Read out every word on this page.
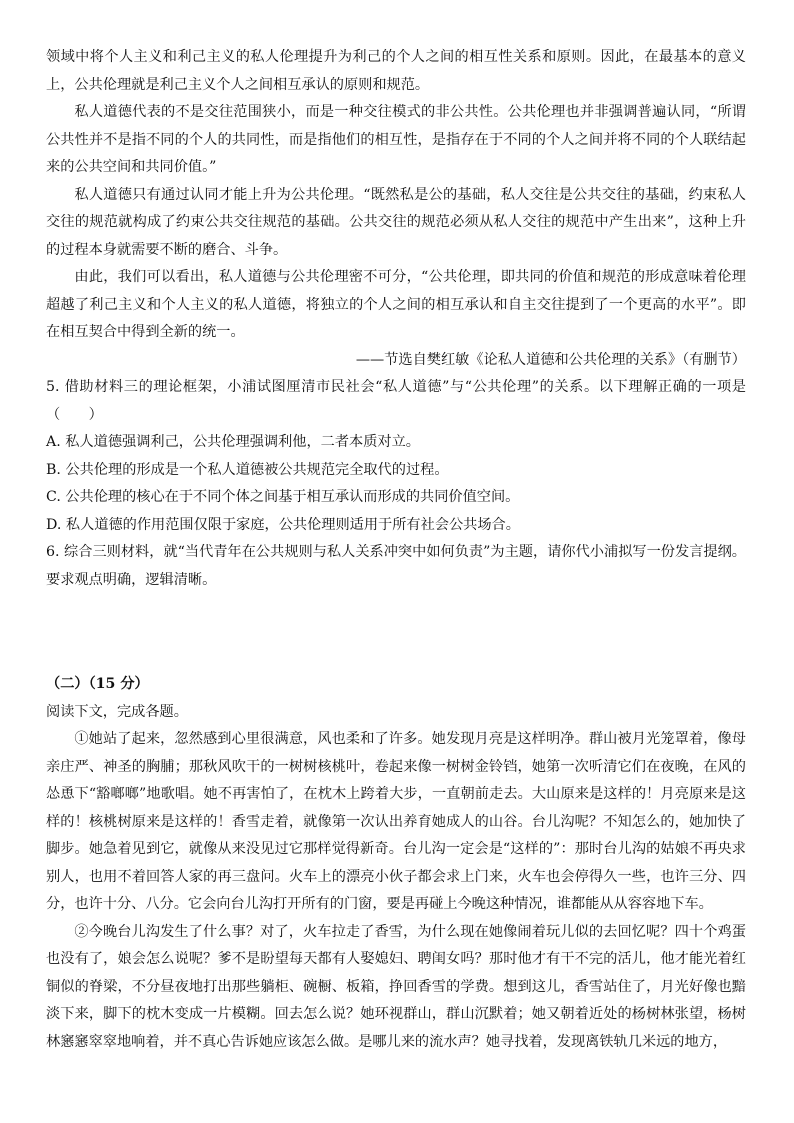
领域中将个人主义和利己主义的私人伦理提升为利己的个人之间的相互性关系和原则。因此，在最基本的意义上，公共伦理就是利己主义个人之间相互承认的原则和规范。

私人道德代表的不是交往范围狭小，而是一种交往模式的非公共性。公共伦理也并非强调普遍认同，“所谓公共性并不是指不同的个人的共同性，而是指他们的相互性，是指存在于不同的个人之间并将不同的个人联结起来的公共空间和共同价值。”

私人道德只有通过认同才能上升为公共伦理。“既然私是公的基础，私人交往是公共交往的基础，约束私人交往的规范就构成了约束公共交往规范的基础。公共交往的规范必须从私人交往的规范中产生出来”，这种上升的过程本身就需要不断的磨合、斗争。

由此，我们可以看出，私人道德与公共伦理密不可分，“公共伦理，即共同的价值和规范的形成意味着伦理超越了利己主义和个人主义的私人道德，将独立的个人之间的相互承认和自主交往提到了一个更高的水平”。即在相互契合中得到全新的统一。

——节选自樊红敏《论私人道德和公共伦理的关系》（有删节）

5. 借助材料三的理论框架，小浦试图厘清市民社会“私人道德”与“公共伦理”的关系。以下理解正确的一项是（　　）

A. 私人道德强调利己，公共伦理强调利他，二者本质对立。

B. 公共伦理的形成是一个私人道德被公共规范完全取代的过程。

C. 公共伦理的核心在于不同个体之间基于相互承认而形成的共同价值空间。

D. 私人道德的作用范围仅限于家庭，公共伦理则适用于所有社会公共场合。

6. 综合三则材料，就“当代青年在公共规则与私人关系冲突中如何负责”为主题，请你代小浦拟写一份发言提纲。要求观点明确，逻辑清晰。

（二）（15 分）

阅读下文，完成各题。

①她站了起来，忽然感到心里很满意，风也柔和了许多。她发现月亮是这样明净。群山被月光笼罩着，像母亲庄严、神圣的胸脯；那秋风吹干的一树树核桃叶，卷起来像一树树金铃铛，她第一次听清它们在夜晚，在风的怂恿下“豁啷啷”地歌唱。她不再害怕了，在枕木上跨着大步，一直朝前走去。大山原来是这样的！月亮原来是这样的！核桃树原来是这样的！香雪走着，就像第一次认出养育她成人的山谷。台儿沟呢？不知怎么的，她加快了脚步。她急着见到它，就像从来没见过它那样觉得新奇。台儿沟一定会是“这样的”：那时台儿沟的姑娘不再央求别人，也用不着回答人家的再三盘问。火车上的漂亮小伙子都会求上门来，火车也会停得久一些，也许三分、四分，也许十分、八分。它会向台儿沟打开所有的门窗，要是再碰上今晚这种情况，谁都能从从容容地下车。

②今晚台儿沟发生了什么事？对了，火车拉走了香雪，为什么现在她像闹着玩儿似的去回忆呢？四十个鸡蛋也没有了，娘会怎么说呢？爹不是盼望每天都有人娶媳妇、聘闺女吗？那时他才有干不完的活儿，他才能光着红铜似的脊梁，不分昼夜地打出那些躺柜、碗橱、板箱，挣回香雪的学费。想到这儿，香雪站住了，月光好像也黯淡下来，脚下的枕木变成一片模糊。回去怎么说？她环视群山，群山沉默着；她又朝着近处的杨树林张望，杨树林窸窸窣窣地响着，并不真心告诉她应该怎么做。是哪儿来的流水声？她寻找着，发现离铁轨几米远的地方，
